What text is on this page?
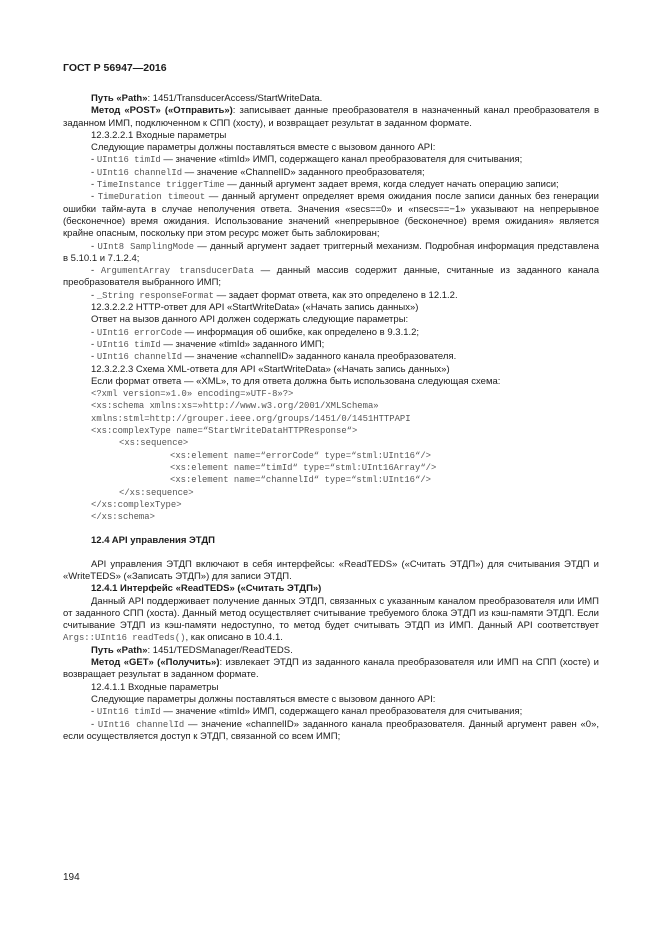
ГОСТ Р 56947—2016

Путь «Path»: 1451/TransducerAccess/StartWriteData.

Метод «POST» («Отправить»): записывает данные преобразователя в назначенный канал преобразователя в заданном ИМП, подключенном к СПП (хосту), и возвращает результат в заданном формате.

12.3.2.2.1 Входные параметры

Следующие параметры должны поставляться вместе с вызовом данного API:

- UInt16 timId — значение «timId» ИМП, содержащего канал преобразователя для считывания;

- UInt16 channelId — значение «ChannelID» заданного преобразователя;

- TimeInstance triggerTime — данный аргумент задает время, когда следует начать операцию записи;

- TimeDuration timeout — данный аргумент определяет время ожидания после записи данных без генерации ошибки тайм-аута в случае неполучения ответа. Значения «secs==0» и «nsecs==−1» указывают на непрерывное (бесконечное) время ожидания. Использование значений «непрерывное (бесконечное) время ожидания» является крайне опасным, поскольку при этом ресурс может быть заблокирован;

- UInt8 SamplingMode — данный аргумент задает триггерный механизм. Подробная информация представлена в 5.10.1 и 7.1.2.4;

- ArgumentArray transducerData — данный массив содержит данные, считанные из заданного канала преобразователя выбранного ИМП;

- _String responseFormat — задает формат ответа, как это определено в 12.1.2.

12.3.2.2.2 HTTP-ответ для API «StartWriteData» («Начать запись данных»)

Ответ на вызов данного API должен содержать следующие параметры:

- UInt16 errorCode — информация об ошибке, как определено в 9.3.1.2;

- UInt16 timId — значение «timId» заданного ИМП;

- UInt16 channelId — значение «channelID» заданного канала преобразователя.

12.3.2.2.3 Схема XML-ответа для API «StartWriteData» («Начать запись данных»)

Если формат ответа — «XML», то для ответа должна быть использована следующая схема:

<?xml version=»1.0» encoding=»UTF-8»?>

<xs:schema xmlns:xs=»http://www.w3.org/2001/XMLSchema»

xmlns:stml=http://grouper.ieee.org/groups/1451/0/1451HTTPAPI

<xs:complexType name=“StartWriteDataHTTPResponse“>

<xs:sequence>

<xs:element name=“errorCode“ type=“stml:UInt16“/>

<xs:element name=“timId“ type=“stml:UInt16Array“/>

<xs:element name=“channelId“ type=“stml:UInt16“/>

</xs:sequence>

</xs:complexType>

</xs:schema>

12.4 API управления ЭТДП

API управления ЭТДП включают в себя интерфейсы: «ReadTEDS» («Считать ЭТДП») для считывания ЭТДП и «WriteTEDS» («Записать ЭТДП») для записи ЭТДП.

12.4.1 Интерфейс «ReadTEDS» («Считать ЭТДП»)

Данный API поддерживает получение данных ЭТДП, связанных с указанным каналом преобразователя или ИМП от заданного СПП (хоста). Данный метод осуществляет считывание требуемого блока ЭТДП из кэш-памяти ЭТДП. Если считывание ЭТДП из кэш-памяти недоступно, то метод будет считывать ЭТДП из ИМП. Данный API соответствует Args::UInt16 readTeds(), как описано в 10.4.1.

Путь «Path»: 1451/TEDSManager/ReadTEDS.

Метод «GET» («Получить»): извлекает ЭТДП из заданного канала преобразователя или ИМП на СПП (хосте) и возвращает результат в заданном формате.

12.4.1.1 Входные параметры

Следующие параметры должны поставляться вместе с вызовом данного API:

- UInt16 timId — значение «timId» ИМП, содержащего канал преобразователя для считывания;

- UInt16 channelId — значение «channelID» заданного канала преобразователя. Данный аргумент равен «0», если осуществляется доступ к ЭТДП, связанной со всем ИМП;

194
